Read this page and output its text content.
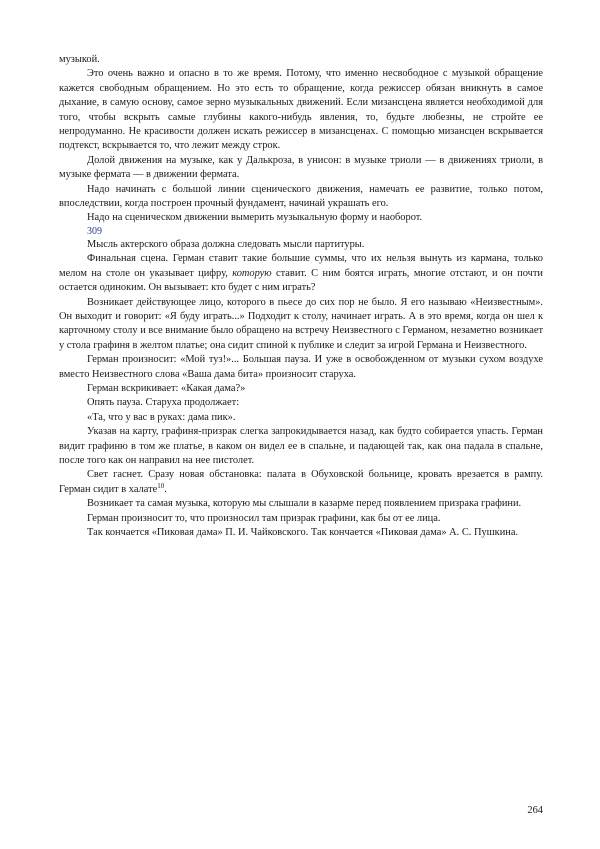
музыкой.

Это очень важно и опасно в то же время. Потому, что именно несвободное с музыкой обращение кажется свободным обращением. Но это есть то обращение, когда режиссер обязан вникнуть в самое дыхание, в самую основу, самое зерно музыкальных движений. Если мизансцена является необходимой для того, чтобы вскрыть самые глубины какого-нибудь явления, то, будьте любезны, не стройте ее непродуманно. Не красивости должен искать режиссер в мизансценах. С помощью мизансцен вскрывается подтекст, вскрывается то, что лежит между строк.

Долой движения на музыке, как у Далькроза, в унисон: в музыке триоли — в движениях триоли, в музыке фермата — в движении фермата.

Надо начинать с большой линии сценического движения, намечать ее развитие, только потом, впоследствии, когда построен прочный фундамент, начинай украшать его.

Надо на сценическом движении вымерить музыкальную форму и наоборот.

309

Мысль актерского образа должна следовать мысли партитуры.

Финальная сцена. Герман ставит такие большие суммы, что их нельзя вынуть из кармана, только мелом на столе он указывает цифру, которую ставит. С ним боятся играть, многие отстают, и он почти остается одиноким. Он вызывает: кто будет с ним играть?

Возникает действующее лицо, которого в пьесе до сих пор не было. Я его называю «Неизвестным». Он выходит и говорит: «Я буду играть...» Подходит к столу, начинает играть. А в это время, когда он шел к карточному столу и все внимание было обращено на встречу Неизвестного с Германом, незаметно возникает у стола графиня в желтом платье; она сидит спиной к публике и следит за игрой Германа и Неизвестного.

Герман произносит: «Мой туз!»... Большая пауза. И уже в освобожденном от музыки сухом воздухе вместо Неизвестного слова «Ваша дама бита» произносит старуха.

Герман вскрикивает: «Какая дама?»

Опять пауза. Старуха продолжает:

«Та, что у вас в руках: дама пик».

Указав на карту, графиня-призрак слегка запрокидывается назад, как будто собирается упасть. Герман видит графиню в том же платье, в каком он видел ее в спальне, и падающей так, как она падала в спальне, после того как он направил на нее пистолет.

Свет гаснет. Сразу новая обстановка: палата в Обуховской больнице, кровать врезается в рампу. Герман сидит в халате$^{10}$.

Возникает та самая музыка, которую мы слышали в казарме перед появлением призрака графини.

Герман произносит то, что произносил там призрак графини, как бы от ее лица.

Так кончается «Пиковая дама» П. И. Чайковского. Так кончается «Пиковая дама» А. С. Пушкина.

264
